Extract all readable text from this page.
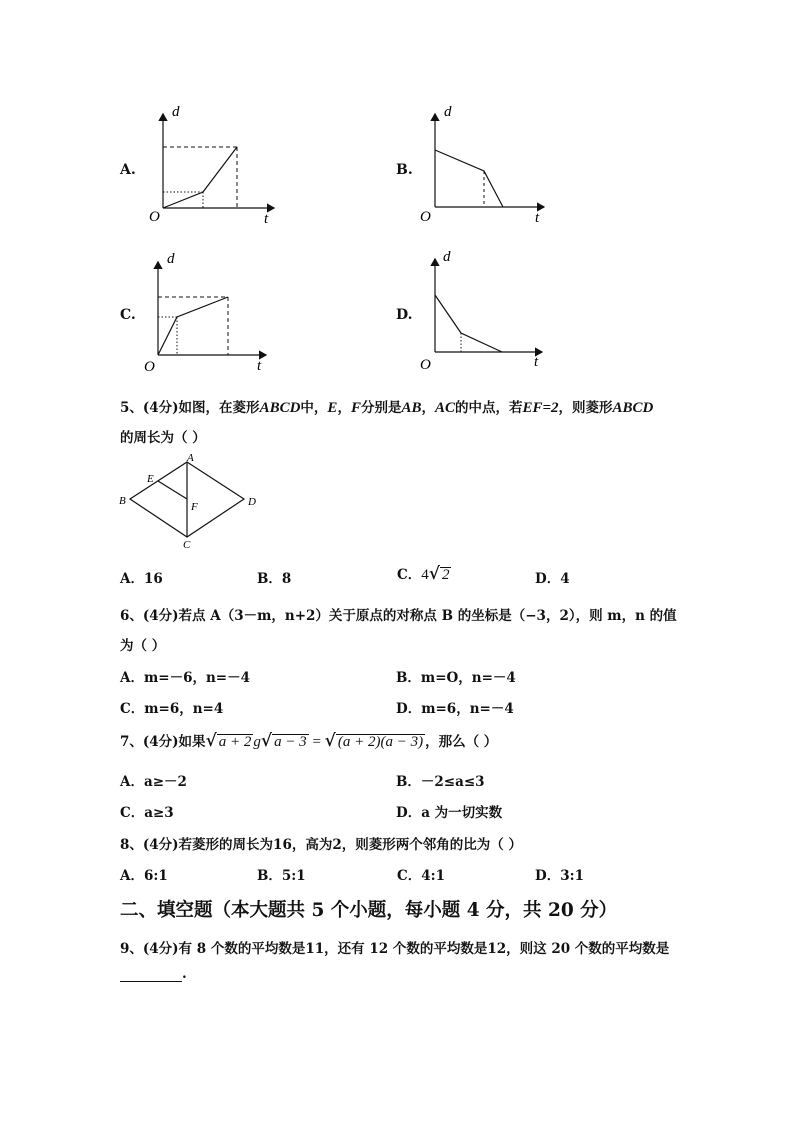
A.
d
t
O
B.
d
t
O
C.
d
t
O
D.
d
t
O
5、(4分)如图，在菱形ABCD中，E，F分别是AB，AC的中点，若EF=2，则菱形ABCD
的周长为（ ）
A
B
C
D
E
F
A．16	B．8	C．4√ 2	D．4
6、(4分)若点 A（3－m，n+2）关于原点的对称点 B 的坐标是（−3，2），则 m，n 的值
为（ ）
A．m=－6，n=－4	B．m=O，n=－4
C．m=6，n=4	D．m=6，n=－4
7、(4分)如果√ a + 2 g√ a − 3 = √ (a + 2)(a − 3) ，那么（ ）
A．a≥－2	B．－2≤a≤3
C．a≥3	D．a 为一切实数
8、(4分)若菱形的周长为16，高为2，则菱形两个邻角的比为（ ）
A．6:1	B．5:1	C．4:1	D．3:1
二、填空题（本大题共 5 个小题，每小题 4 分，共 20 分）
9、(4分)有 8 个数的平均数是11，还有 12 个数的平均数是12，则这 20 个数的平均数是
.
